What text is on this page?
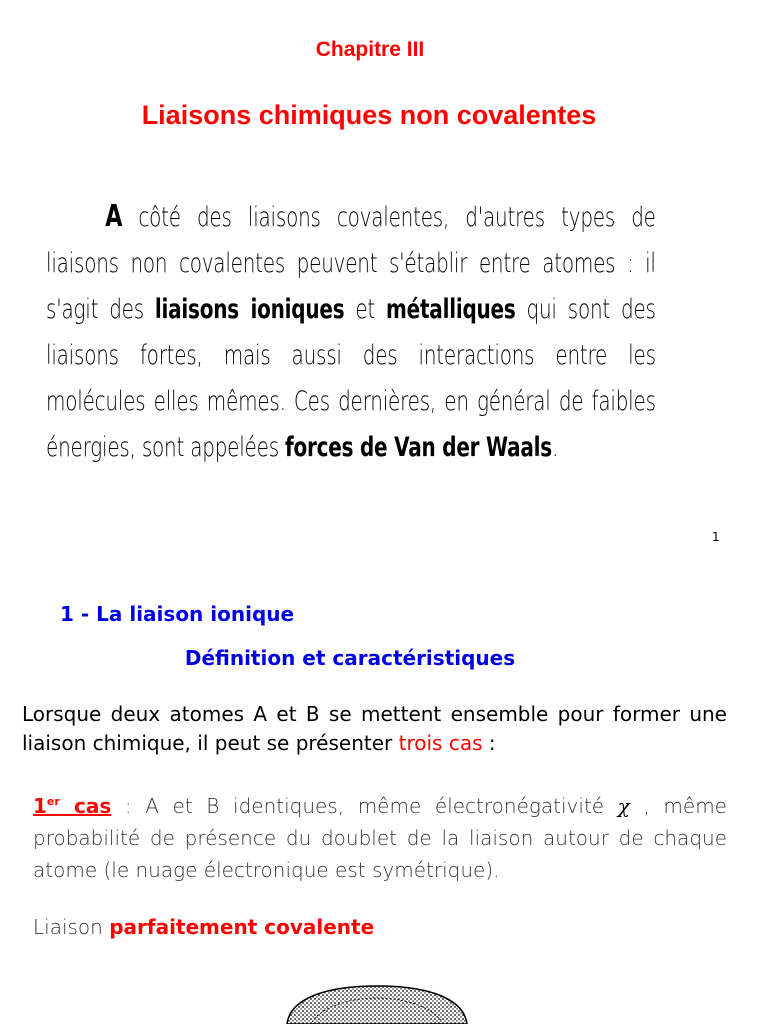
Chapitre III
Liaisons chimiques non covalentes
A côté des liaisons covalentes, d'autres types de liaisons non covalentes peuvent s'établir entre atomes : il s'agit des liaisons ioniques et métalliques qui sont des liaisons fortes, mais aussi des interactions entre les molécules elles mêmes. Ces dernières, en général de faibles énergies, sont appelées forces de Van der Waals.
1
1 - La liaison ionique
Définition et caractéristiques
Lorsque deux atomes A et B se mettent ensemble pour former une liaison chimique, il peut se présenter trois cas :
1er cas : A et B identiques, même électronégativité χ , même probabilité de présence du doublet de la liaison autour de chaque atome (le nuage électronique est symétrique).
Liaison parfaitement covalente
